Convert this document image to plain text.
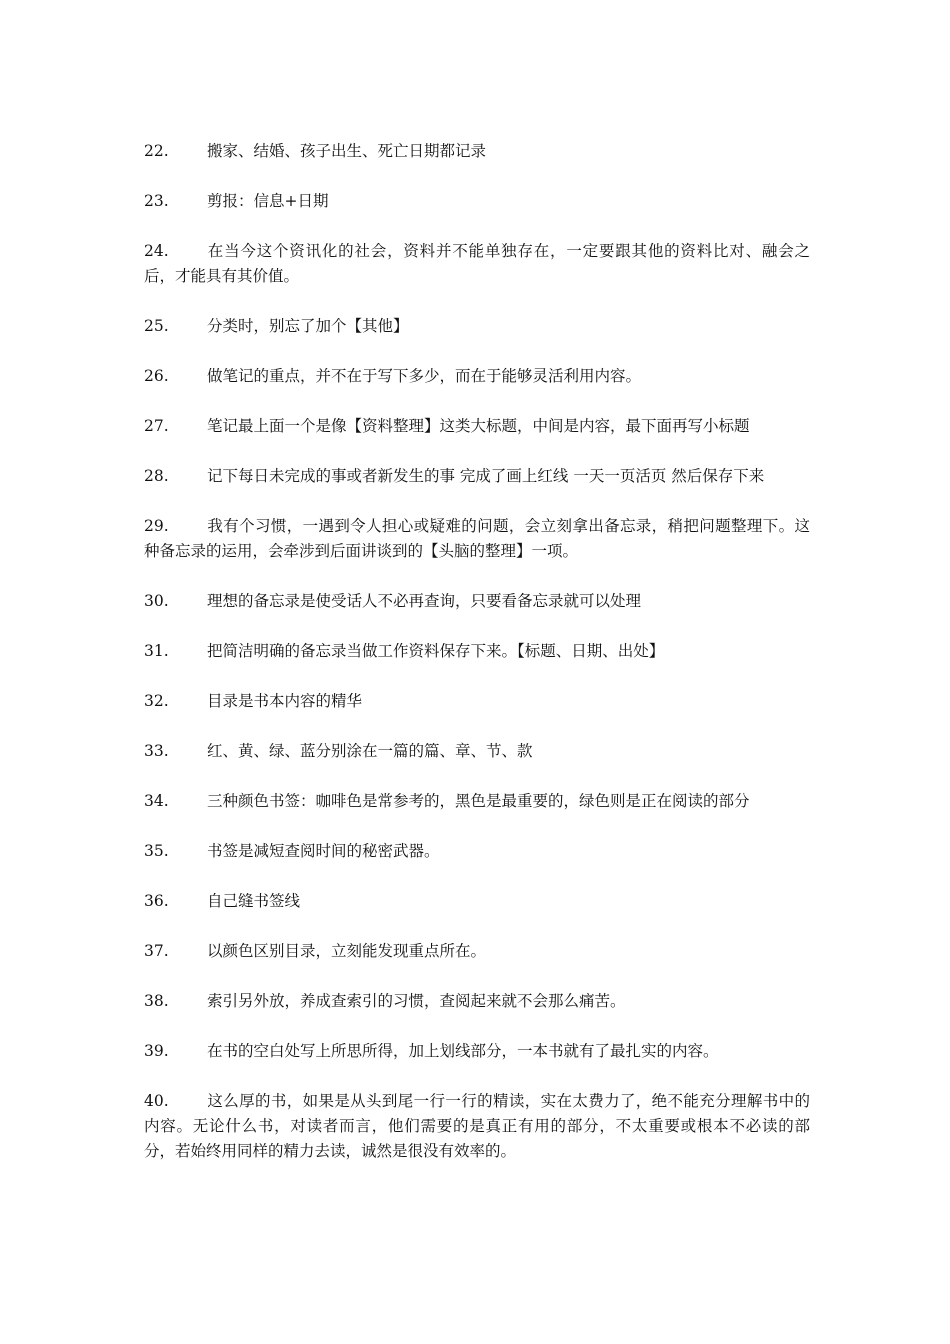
22. 搬家、结婚、孩子出生、死亡日期都记录

23. 剪报：信息+日期

24. 在当今这个资讯化的社会，资料并不能单独存在，一定要跟其他的资料比对、融会之后，才能具有其价值。

25. 分类时，别忘了加个【其他】

26. 做笔记的重点，并不在于写下多少，而在于能够灵活利用内容。

27. 笔记最上面一个是像【资料整理】这类大标题，中间是内容，最下面再写小标题

28. 记下每日未完成的事或者新发生的事 完成了画上红线 一天一页活页 然后保存下来

29. 我有个习惯，一遇到令人担心或疑难的问题，会立刻拿出备忘录，稍把问题整理下。这种备忘录的运用，会牵涉到后面讲谈到的【头脑的整理】一项。

30. 理想的备忘录是使受话人不必再查询，只要看备忘录就可以处理

31. 把简洁明确的备忘录当做工作资料保存下来。【标题、日期、出处】

32. 目录是书本内容的精华

33. 红、黄、绿、蓝分别涂在一篇的篇、章、节、款

34. 三种颜色书签：咖啡色是常参考的，黑色是最重要的，绿色则是正在阅读的部分

35. 书签是减短查阅时间的秘密武器。

36. 自己缝书签线

37. 以颜色区别目录，立刻能发现重点所在。

38. 索引另外放，养成查索引的习惯，查阅起来就不会那么痛苦。

39. 在书的空白处写上所思所得，加上划线部分，一本书就有了最扎实的内容。

40. 这么厚的书，如果是从头到尾一行一行的精读，实在太费力了，绝不能充分理解书中的内容。无论什么书，对读者而言，他们需要的是真正有用的部分，不太重要或根本不必读的部分，若始终用同样的精力去读，诚然是很没有效率的。
